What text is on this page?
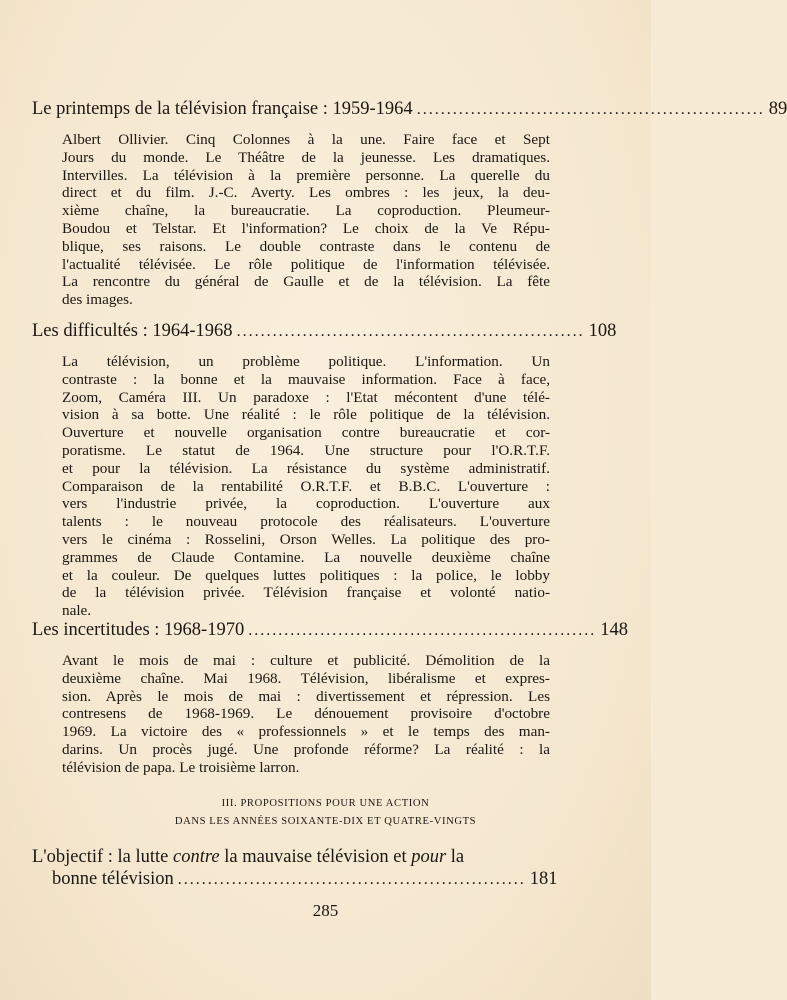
Le printemps de la télévision française : 1959-1964 .......................................................... 89
Albert Ollivier. Cinq Colonnes à la une. Faire face et Sept
Jours du monde. Le Théâtre de la jeunesse. Les dramatiques.
Intervilles. La télévision à la première personne. La querelle du
direct et du film. J.-C. Averty. Les ombres : les jeux, la deu-
xième chaîne, la bureaucratie. La coproduction. Pleumeur-
Boudou et Telstar. Et l'information? Le choix de la Ve Répu-
blique, ses raisons. Le double contraste dans le contenu de
l'actualité télévisée. Le rôle politique de l'information télévisée.
La rencontre du général de Gaulle et de la télévision. La fête
des images.
Les difficultés : 1964-1968 .......................................................... 108
La télévision, un problème politique. L'information. Un
contraste : la bonne et la mauvaise information. Face à face,
Zoom, Caméra III. Un paradoxe : l'Etat mécontent d'une télé-
vision à sa botte. Une réalité : le rôle politique de la télévision.
Ouverture et nouvelle organisation contre bureaucratie et cor-
poratisme. Le statut de 1964. Une structure pour l'O.R.T.F.
et pour la télévision. La résistance du système administratif.
Comparaison de la rentabilité O.R.T.F. et B.B.C. L'ouverture :
vers l'industrie privée, la coproduction. L'ouverture aux
talents : le nouveau protocole des réalisateurs. L'ouverture
vers le cinéma : Rosselini, Orson Welles. La politique des pro-
grammes de Claude Contamine. La nouvelle deuxième chaîne
et la couleur. De quelques luttes politiques : la police, le lobby
de la télévision privée. Télévision française et volonté natio-
nale.
Les incertitudes : 1968-1970 .......................................................... 148
Avant le mois de mai : culture et publicité. Démolition de la
deuxième chaîne. Mai 1968. Télévision, libéralisme et expres-
sion. Après le mois de mai : divertissement et répression. Les
contresens de 1968-1969. Le dénouement provisoire d'octobre
1969. La victoire des « professionnels » et le temps des man-
darins. Un procès jugé. Une profonde réforme? La réalité : la
télévision de papa. Le troisième larron.
III. PROPOSITIONS POUR UNE ACTION
DANS LES ANNÉES SOIXANTE-DIX ET QUATRE-VINGTS
L'objectif : la lutte contre la mauvaise télévision et pour la
bonne télévision .......................................................... 181
285
